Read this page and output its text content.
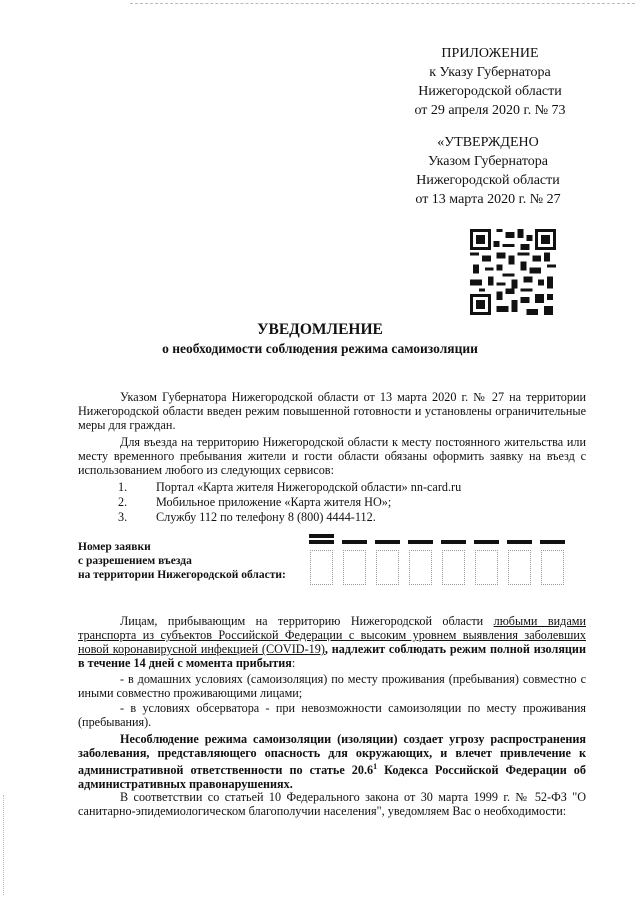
ПРИЛОЖЕНИЕ
к Указу Губернатора
Нижегородской области
от 29 апреля 2020 г. № 73
«УТВЕРЖДЕНО
Указом Губернатора
Нижегородской области
от 13 марта 2020 г. № 27
УВЕДОМЛЕНИЕ
о необходимости соблюдения режима самоизоляции
Указом Губернатора Нижегородской области от 13 марта 2020 г. № 27 на территории Нижегородской области введен режим повышенной готовности и установлены ограничительные меры для граждан.
Для въезда на территорию Нижегородской области к месту постоянного жительства или месту временного пребывания жители и гости области обязаны оформить заявку на въезд с использованием любого из следующих сервисов:
1. Портал «Карта жителя Нижегородской области» nn-card.ru
2. Мобильное приложение «Карта жителя НО»;
3. Службу 112 по телефону 8 (800) 4444-112.
Номер заявки
с разрешением въезда
на территории Нижегородской области:
Лицам, прибывающим на территорию Нижегородской области любыми видами транспорта из субъектов Российской Федерации с высоким уровнем выявления заболевших новой коронавирусной инфекцией (COVID-19), надлежит соблюдать режим полной изоляции в течение 14 дней с момента прибытия:
- в домашних условиях (самоизоляция) по месту проживания (пребывания) совместно с иными совместно проживающими лицами;
- в условиях обсерватора - при невозможности самоизоляции по месту проживания (пребывания).
Несоблюдение режима самоизоляции (изоляции) создает угрозу распространения заболевания, представляющего опасность для окружающих, и влечет привлечение к административной ответственности по статье 20.6$^1$ Кодекса Российской Федерации об административных правонарушениях.
В соответствии со статьей 10 Федерального закона от 30 марта 1999 г. № 52-ФЗ "О санитарно-эпидемиологическом благополучии населения", уведомляем Вас о необходимости:
